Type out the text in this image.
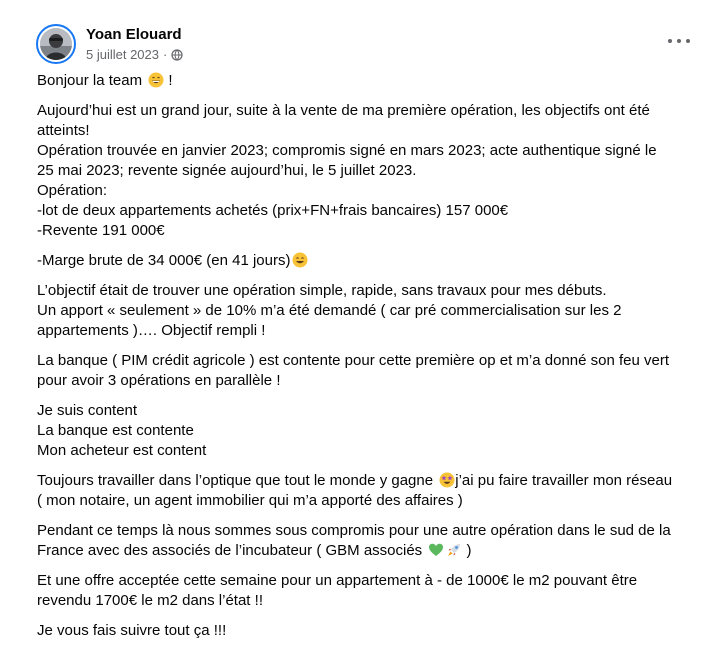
Yoan Elouard
5 juillet 2023 ·

Bonjour la team  !

Aujourd’hui est un grand jour, suite à la vente de ma première opération, les objectifs ont été
atteints!
Opération trouvée en janvier 2023; compromis signé en mars 2023; acte authentique signé le
25 mai 2023; revente signée aujourd’hui, le 5 juillet 2023.
Opération:
-lot de deux appartements achetés (prix+FN+frais bancaires) 157 000€
-Revente 191 000€

-Marge brute de 34 000€ (en 41 jours)

L’objectif était de trouver une opération simple, rapide, sans travaux pour mes débuts.
Un apport « seulement » de 10% m’a été demandé ( car pré commercialisation sur les 2
appartements )…. Objectif rempli !

La banque ( PIM crédit agricole ) est contente pour cette première op et m’a donné son feu vert
pour avoir 3 opérations en parallèle !

Je suis content
La banque est contente
Mon acheteur est content

Toujours travailler dans l’optique que tout le monde y gagne j’ai pu faire travailler mon réseau
( mon notaire, un agent immobilier qui m’a apporté des affaires )

Pendant ce temps là nous sommes sous compromis pour une autre opération dans le sud de la
France avec des associés de l’incubateur ( GBM associés	)

Et une offre acceptée cette semaine pour un appartement à - de 1000€ le m2 pouvant être
revendu 1700€ le m2 dans l’état !!

Je vous fais suivre tout ça !!!
